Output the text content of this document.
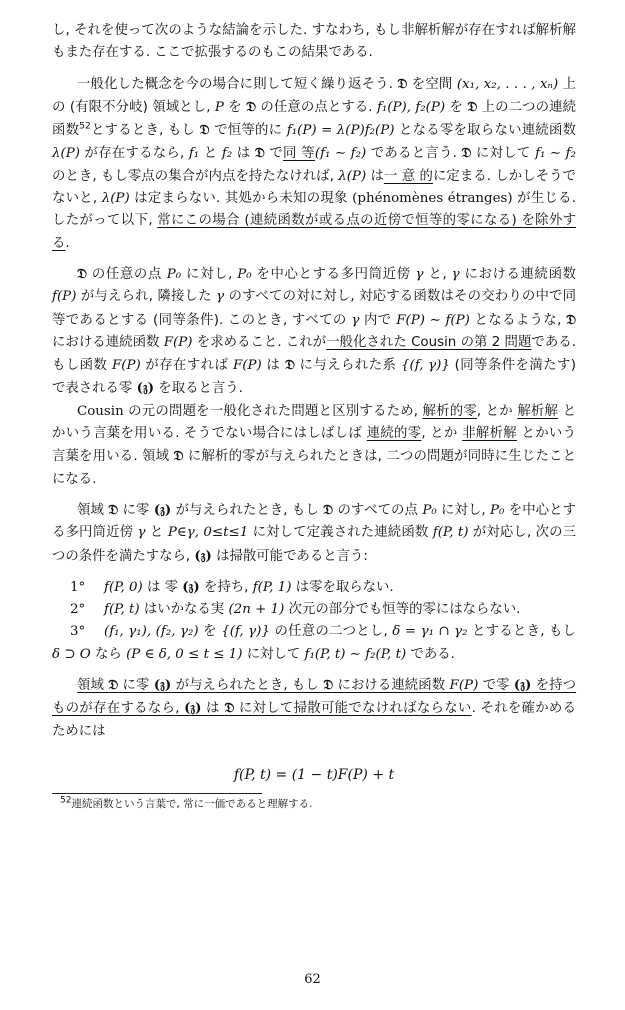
し, それを使って次のような結論を示した. すなわち, もし非解析解が存在すれば解析解もまた存在する. ここで拡張するのもこの結果である.

一般化した概念を今の場合に則して短く繰り返そう. 𝔇 を空間 (x₁, x₂, . . . , xₙ) 上の (有限不分岐) 領域とし, P を 𝔇 の任意の点とする. f₁(P), f₂(P) を 𝔇 上の二つの連続函数$^{52}$とするとき, もし 𝔇 で恒等的に f₁(P) = λ(P)f₂(P) となる零を取らない連続函数 λ(P) が存在するなら, f₁ と f₂ は 𝔇 で同 等(f₁ ∼ f₂) であると言う. 𝔇 に対して f₁ ∼ f₂ のとき, もし零点の集合が内点を持たなければ, λ(P) は一 意 的に定まる. しかしそうでないと, λ(P) は定まらない. 其処から未知の現象 (phénomènes étranges) が生じる. したがって以下, 常にこの場合 (連続函数が或る点の近傍で恒等的零になる) を除外する.

𝔇 の任意の点 P₀ に対し, P₀ を中心とする多円筒近傍 γ と, γ における連続函数 f(P) が与えられ, 隣接した γ のすべての対に対し, 対応する函数はその交わりの中で同等であるとする (同等条件). このとき, すべての γ 内で F(P) ∼ f(P) となるような, 𝔇 における連続函数 F(P) を求めること. これが一般化された Cousin の第 2 問題である. もし函数 F(P) が存在すれば F(P) は 𝔇 に与えられた系 {(f, γ)} (同等条件を満たす) で表される零 (𝔷) を取ると言う.

Cousin の元の問題を一般化された問題と区別するため, 解析的零, とか 解析解 とかいう言葉を用いる. そうでない場合にはしばしば 連続的零, とか 非解析解 とかいう言葉を用いる. 領域 𝔇 に解析的零が与えられたときは, 二つの問題が同時に生じたことになる.

領域 𝔇 に零 (𝔷) が与えられたとき, もし 𝔇 のすべての点 P₀ に対し, P₀ を中心とする多円筒近傍 γ と P∈γ, 0≤t≤1 に対して定義された連続函数 f(P, t) が対応し, 次の三つの条件を満たすなら, (𝔷) は掃散可能であると言う:

1° f(P, 0) は 零 (𝔷) を持ち, f(P, 1) は零を取らない.

2° f(P, t) はいかなる実 (2n + 1) 次元の部分でも恒等的零にはならない.

3° (f₁, γ₁), (f₂, γ₂) を {(f, γ)} の任意の二つとし, δ = γ₁ ∩ γ₂ とするとき, もし δ ⊃ O なら (P ∈ δ, 0 ≤ t ≤ 1) に対して f₁(P, t) ∼ f₂(P, t) である.

領域 𝔇 に零 (𝔷) が与えられたとき, もし 𝔇 における連続函数 F(P) で零 (𝔷) を持つものが存在するなら, (𝔷) は 𝔇 に対して掃散可能でなければならない. それを確かめるためには

f(P, t) = (1 − t)F(P) + t

52連続函数という言葉で, 常に一価であると理解する.

62
